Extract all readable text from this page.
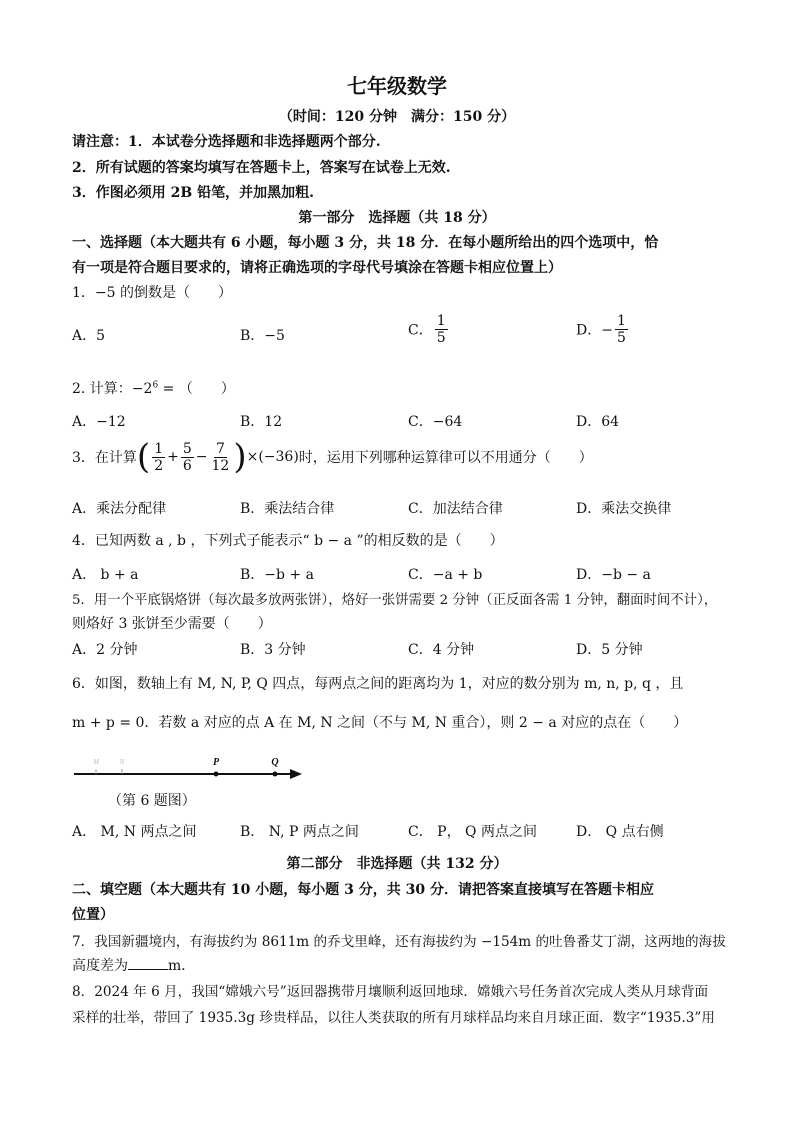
七年级数学
（时间：120 分钟　满分：150 分）
请注意：1．本试卷分选择题和非选择题两个部分.
2．所有试题的答案均填写在答题卡上，答案写在试卷上无效.
3．作图必须用 2B 铅笔，并加黑加粗.
第一部分　选择题（共 18 分）
一、选择题（本大题共有 6 小题，每小题 3 分，共 18 分．在每小题所给出的四个选项中，恰
有一项是符合题目要求的，请将正确选项的字母代号填涂在答题卡相应位置上）
1．−5 的倒数是（　　）
A．5	B．−5	C． $\frac{1}{5}$	D．− $\frac{1}{5}$
2. 计算：$-2^6$ = （　　）
A．−12	B．12	C．−64	D．64
3．在计算( $\frac{1}{2} + \frac{5}{6} - \frac{7}{12} )\times(-36)$时，运用下列哪种运算律可以不用通分（　　）
A．乘法分配律	B．乘法结合律	C．加法结合律	D．乘法交换律
4．已知两数 a , b ，下列式子能表示“ b − a ”的相反数的是（　　）
A． b + a	B．−b + a	C．−a + b	D．−b − a
5．用一个平底锅烙饼（每次最多放两张饼），烙好一张饼需要 2 分钟（正反面各需 1 分钟，翻面时间不计），
则烙好 3 张饼至少需要（　　）
A．2 分钟	B．3 分钟	C．4 分钟	D．5 分钟
6．如图，数轴上有 M, N, P, Q 四点，每两点之间的距离均为 1，对应的数分别为 m, n, p, q ，且
m + p = 0．若数 a 对应的点 A 在 M, N 之间（不与 M, N 重合），则 2 − a 对应的点在（　　）
M	N	P	Q
（第 6 题图）
A． M, N 两点之间	B． N, P 两点之间	C． P， Q 两点之间	D． Q 点右侧
第二部分　非选择题（共 132 分）
二、填空题（本大题共有 10 小题，每小题 3 分，共 30 分．请把答案直接填写在答题卡相应
位置）
7．我国新疆境内，有海拔约为 8611m 的乔戈里峰，还有海拔约为 −154m 的吐鲁番艾丁湖，这两地的海拔
高度差为	m．
8．2024 年 6 月，我国“嫦娥六号”返回器携带月壤顺利返回地球．嫦娥六号任务首次完成人类从月球背面
采样的壮举，带回了 1935.3g 珍贵样品，以往人类获取的所有月球样品均来自月球正面．数字“1935.3”用
